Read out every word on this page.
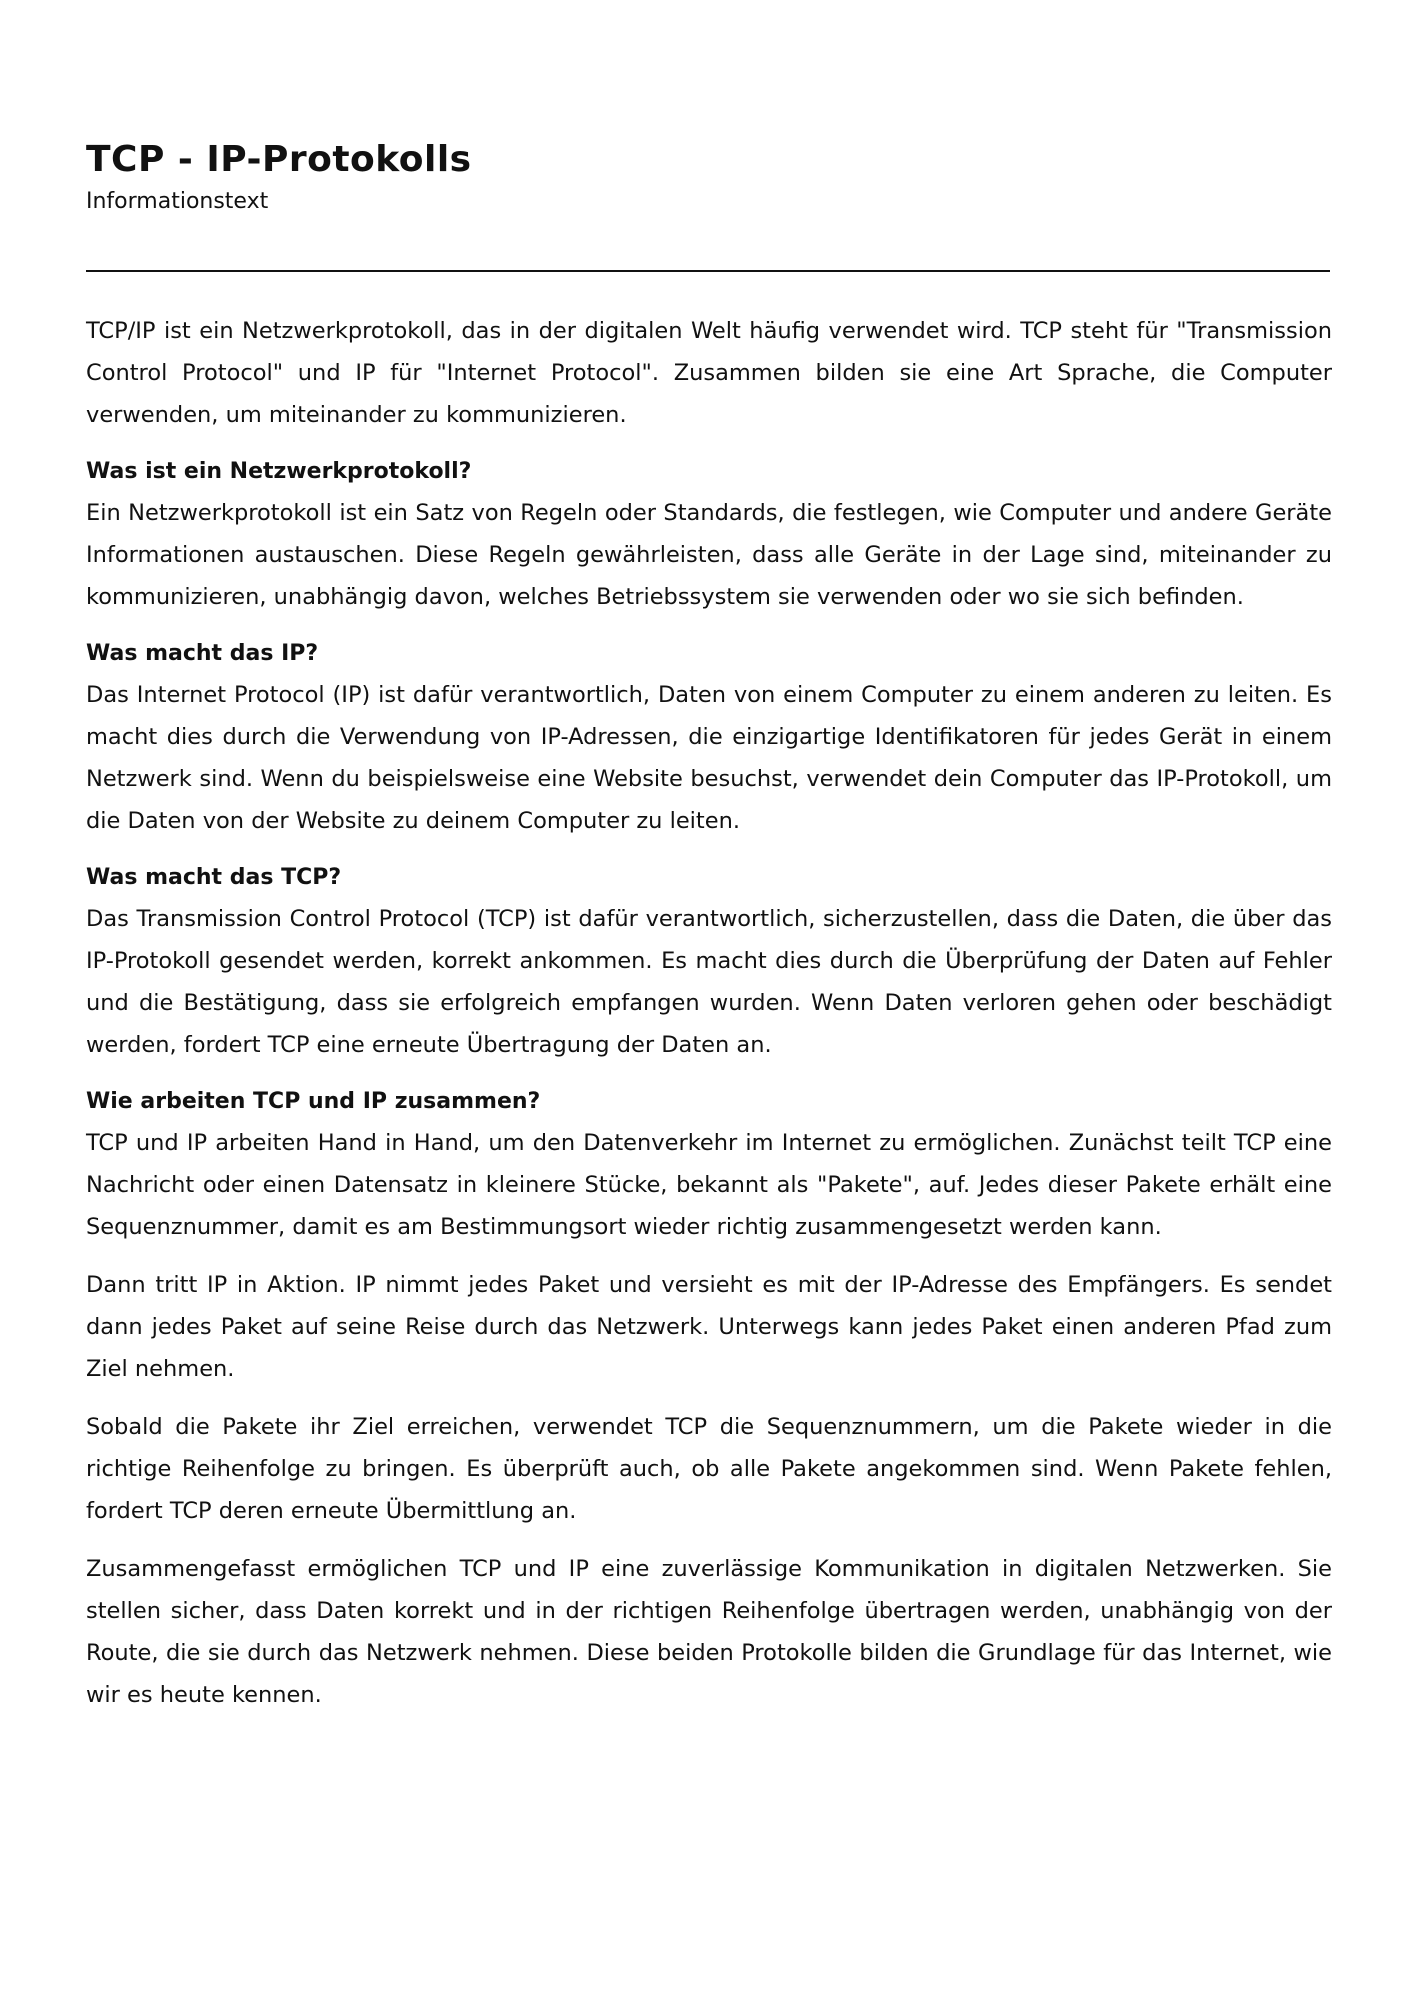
TCP - IP-Protokolls

Informationstext

TCP/IP ist ein Netzwerkprotokoll, das in der digitalen Welt häufig verwendet wird. TCP steht für "Transmission Control Protocol" und IP für "Internet Protocol". Zusammen bilden sie eine Art Sprache, die Computer verwenden, um miteinander zu kommunizieren.

Was ist ein Netzwerkprotokoll?

Ein Netzwerkprotokoll ist ein Satz von Regeln oder Standards, die festlegen, wie Computer und andere Geräte Informationen austauschen. Diese Regeln gewährleisten, dass alle Geräte in der Lage sind, miteinander zu kommunizieren, unabhängig davon, welches Betriebssystem sie verwenden oder wo sie sich befinden.

Was macht das IP?

Das Internet Protocol (IP) ist dafür verantwortlich, Daten von einem Computer zu einem anderen zu leiten. Es macht dies durch die Verwendung von IP-Adressen, die einzigartige Identifikatoren für jedes Gerät in einem Netzwerk sind. Wenn du beispielsweise eine Website besuchst, verwendet dein Computer das IP-Protokoll, um die Daten von der Website zu deinem Computer zu leiten.

Was macht das TCP?

Das Transmission Control Protocol (TCP) ist dafür verantwortlich, sicherzustellen, dass die Daten, die über das IP-Protokoll gesendet werden, korrekt ankommen. Es macht dies durch die Überprüfung der Daten auf Fehler und die Bestätigung, dass sie erfolgreich empfangen wurden. Wenn Daten verloren gehen oder beschädigt werden, fordert TCP eine erneute Übertragung der Daten an.

Wie arbeiten TCP und IP zusammen?

TCP und IP arbeiten Hand in Hand, um den Datenverkehr im Internet zu ermöglichen. Zunächst teilt TCP eine Nachricht oder einen Datensatz in kleinere Stücke, bekannt als "Pakete", auf. Jedes dieser Pakete erhält eine Sequenznummer, damit es am Bestimmungsort wieder richtig zusammengesetzt werden kann.

Dann tritt IP in Aktion. IP nimmt jedes Paket und versieht es mit der IP-Adresse des Empfängers. Es sendet dann jedes Paket auf seine Reise durch das Netzwerk. Unterwegs kann jedes Paket einen anderen Pfad zum Ziel nehmen.

Sobald die Pakete ihr Ziel erreichen, verwendet TCP die Sequenznummern, um die Pakete wieder in die richtige Reihenfolge zu bringen. Es überprüft auch, ob alle Pakete angekommen sind. Wenn Pakete fehlen, fordert TCP deren erneute Übermittlung an.

Zusammengefasst ermöglichen TCP und IP eine zuverlässige Kommunikation in digitalen Netzwerken. Sie stellen sicher, dass Daten korrekt und in der richtigen Reihenfolge übertragen werden, unabhängig von der Route, die sie durch das Netzwerk nehmen. Diese beiden Protokolle bilden die Grundlage für das Internet, wie wir es heute kennen.
